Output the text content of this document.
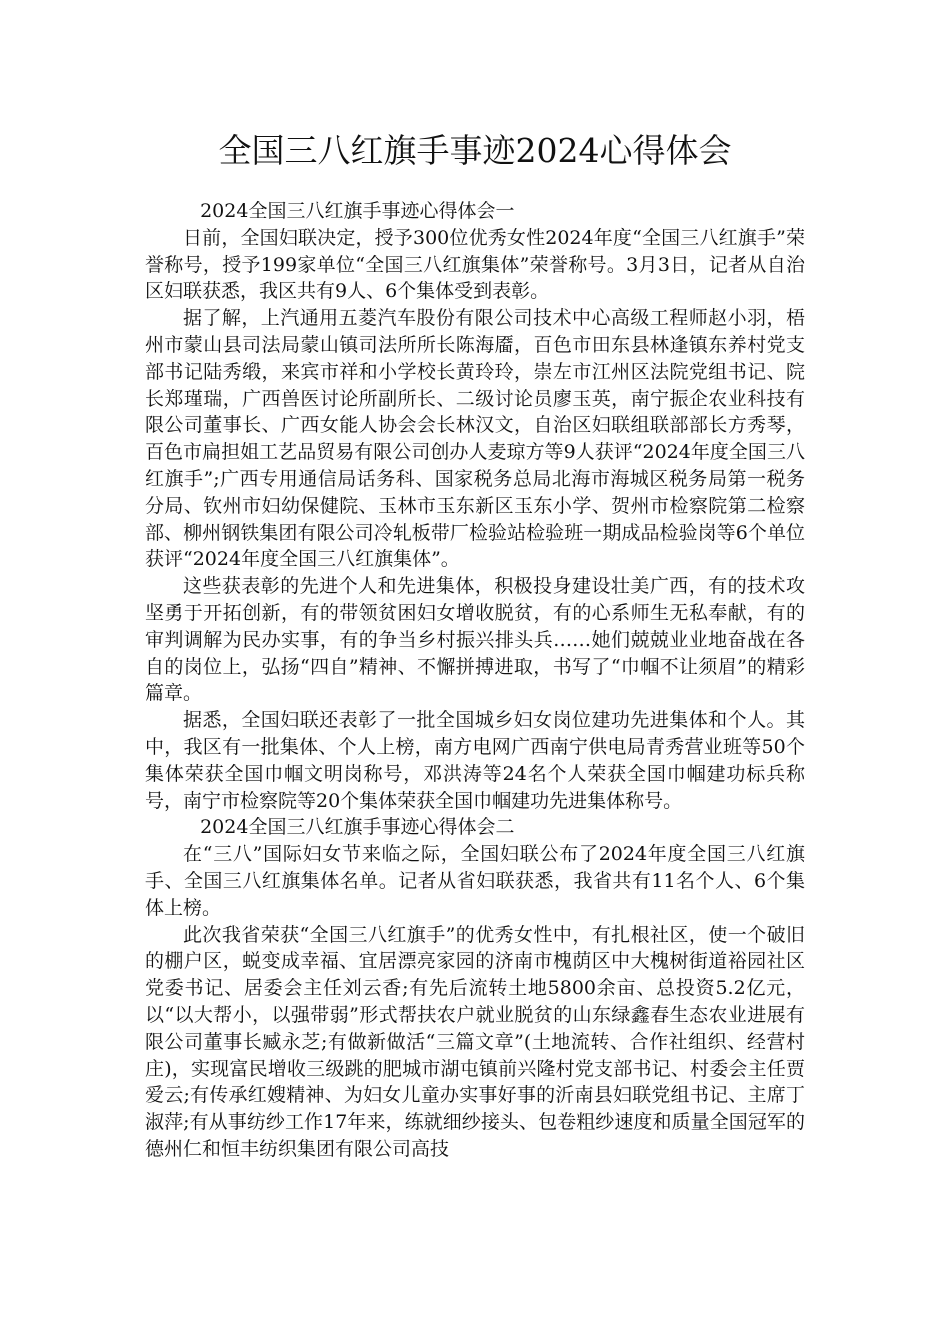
全国三八红旗手事迹2024心得体会

2024全国三八红旗手事迹心得体会一

日前，全国妇联决定，授予300位优秀女性2024年度“全国三八红旗手”荣誉称号，授予199家单位“全国三八红旗集体”荣誉称号。3月3日，记者从自治区妇联获悉，我区共有9人、6个集体受到表彰。

据了解，上汽通用五菱汽车股份有限公司技术中心高级工程师赵小羽，梧州市蒙山县司法局蒙山镇司法所所长陈海靥，百色市田东县林逢镇东养村党支部书记陆秀缎，来宾市祥和小学校长黄玲玲，崇左市江州区法院党组书记、院长郑瑾瑞，广西兽医讨论所副所长、二级讨论员廖玉英，南宁振企农业科技有限公司董事长、广西女能人协会会长林汉文，自治区妇联组联部部长方秀琴，百色市扁担姐工艺品贸易有限公司创办人麦琼方等9人获评“2024年度全国三八红旗手”;广西专用通信局话务科、国家税务总局北海市海城区税务局第一税务分局、钦州市妇幼保健院、玉林市玉东新区玉东小学、贺州市检察院第二检察部、柳州钢铁集团有限公司冷轧板带厂检验站检验班一期成品检验岗等6个单位获评“2024年度全国三八红旗集体”。

这些获表彰的先进个人和先进集体，积极投身建设壮美广西，有的技术攻坚勇于开拓创新，有的带领贫困妇女增收脱贫，有的心系师生无私奉献，有的审判调解为民办实事，有的争当乡村振兴排头兵……她们兢兢业业地奋战在各自的岗位上，弘扬“四自”精神、不懈拼搏进取，书写了“巾帼不让须眉”的精彩篇章。

据悉，全国妇联还表彰了一批全国城乡妇女岗位建功先进集体和个人。其中，我区有一批集体、个人上榜，南方电网广西南宁供电局青秀营业班等50个集体荣获全国巾帼文明岗称号，邓洪涛等24名个人荣获全国巾帼建功标兵称号，南宁市检察院等20个集体荣获全国巾帼建功先进集体称号。

2024全国三八红旗手事迹心得体会二

在“三八”国际妇女节来临之际，全国妇联公布了2024年度全国三八红旗手、全国三八红旗集体名单。记者从省妇联获悉，我省共有11名个人、6个集体上榜。

此次我省荣获“全国三八红旗手”的优秀女性中，有扎根社区，使一个破旧的棚户区，蜕变成幸福、宜居漂亮家园的济南市槐荫区中大槐树街道裕园社区党委书记、居委会主任刘云香;有先后流转土地5800余亩、总投资5.2亿元，以“以大帮小，以强带弱”形式帮扶农户就业脱贫的山东绿鑫春生态农业进展有限公司董事长臧永芝;有做新做活“三篇文章”(土地流转、合作社组织、经营村庄)，实现富民增收三级跳的肥城市湖屯镇前兴隆村党支部书记、村委会主任贾爱云;有传承红嫂精神、为妇女儿童办实事好事的沂南县妇联党组书记、主席丁淑萍;有从事纺纱工作17年来，练就细纱接头、包卷粗纱速度和质量全国冠军的德州仁和恒丰纺织集团有限公司高技
